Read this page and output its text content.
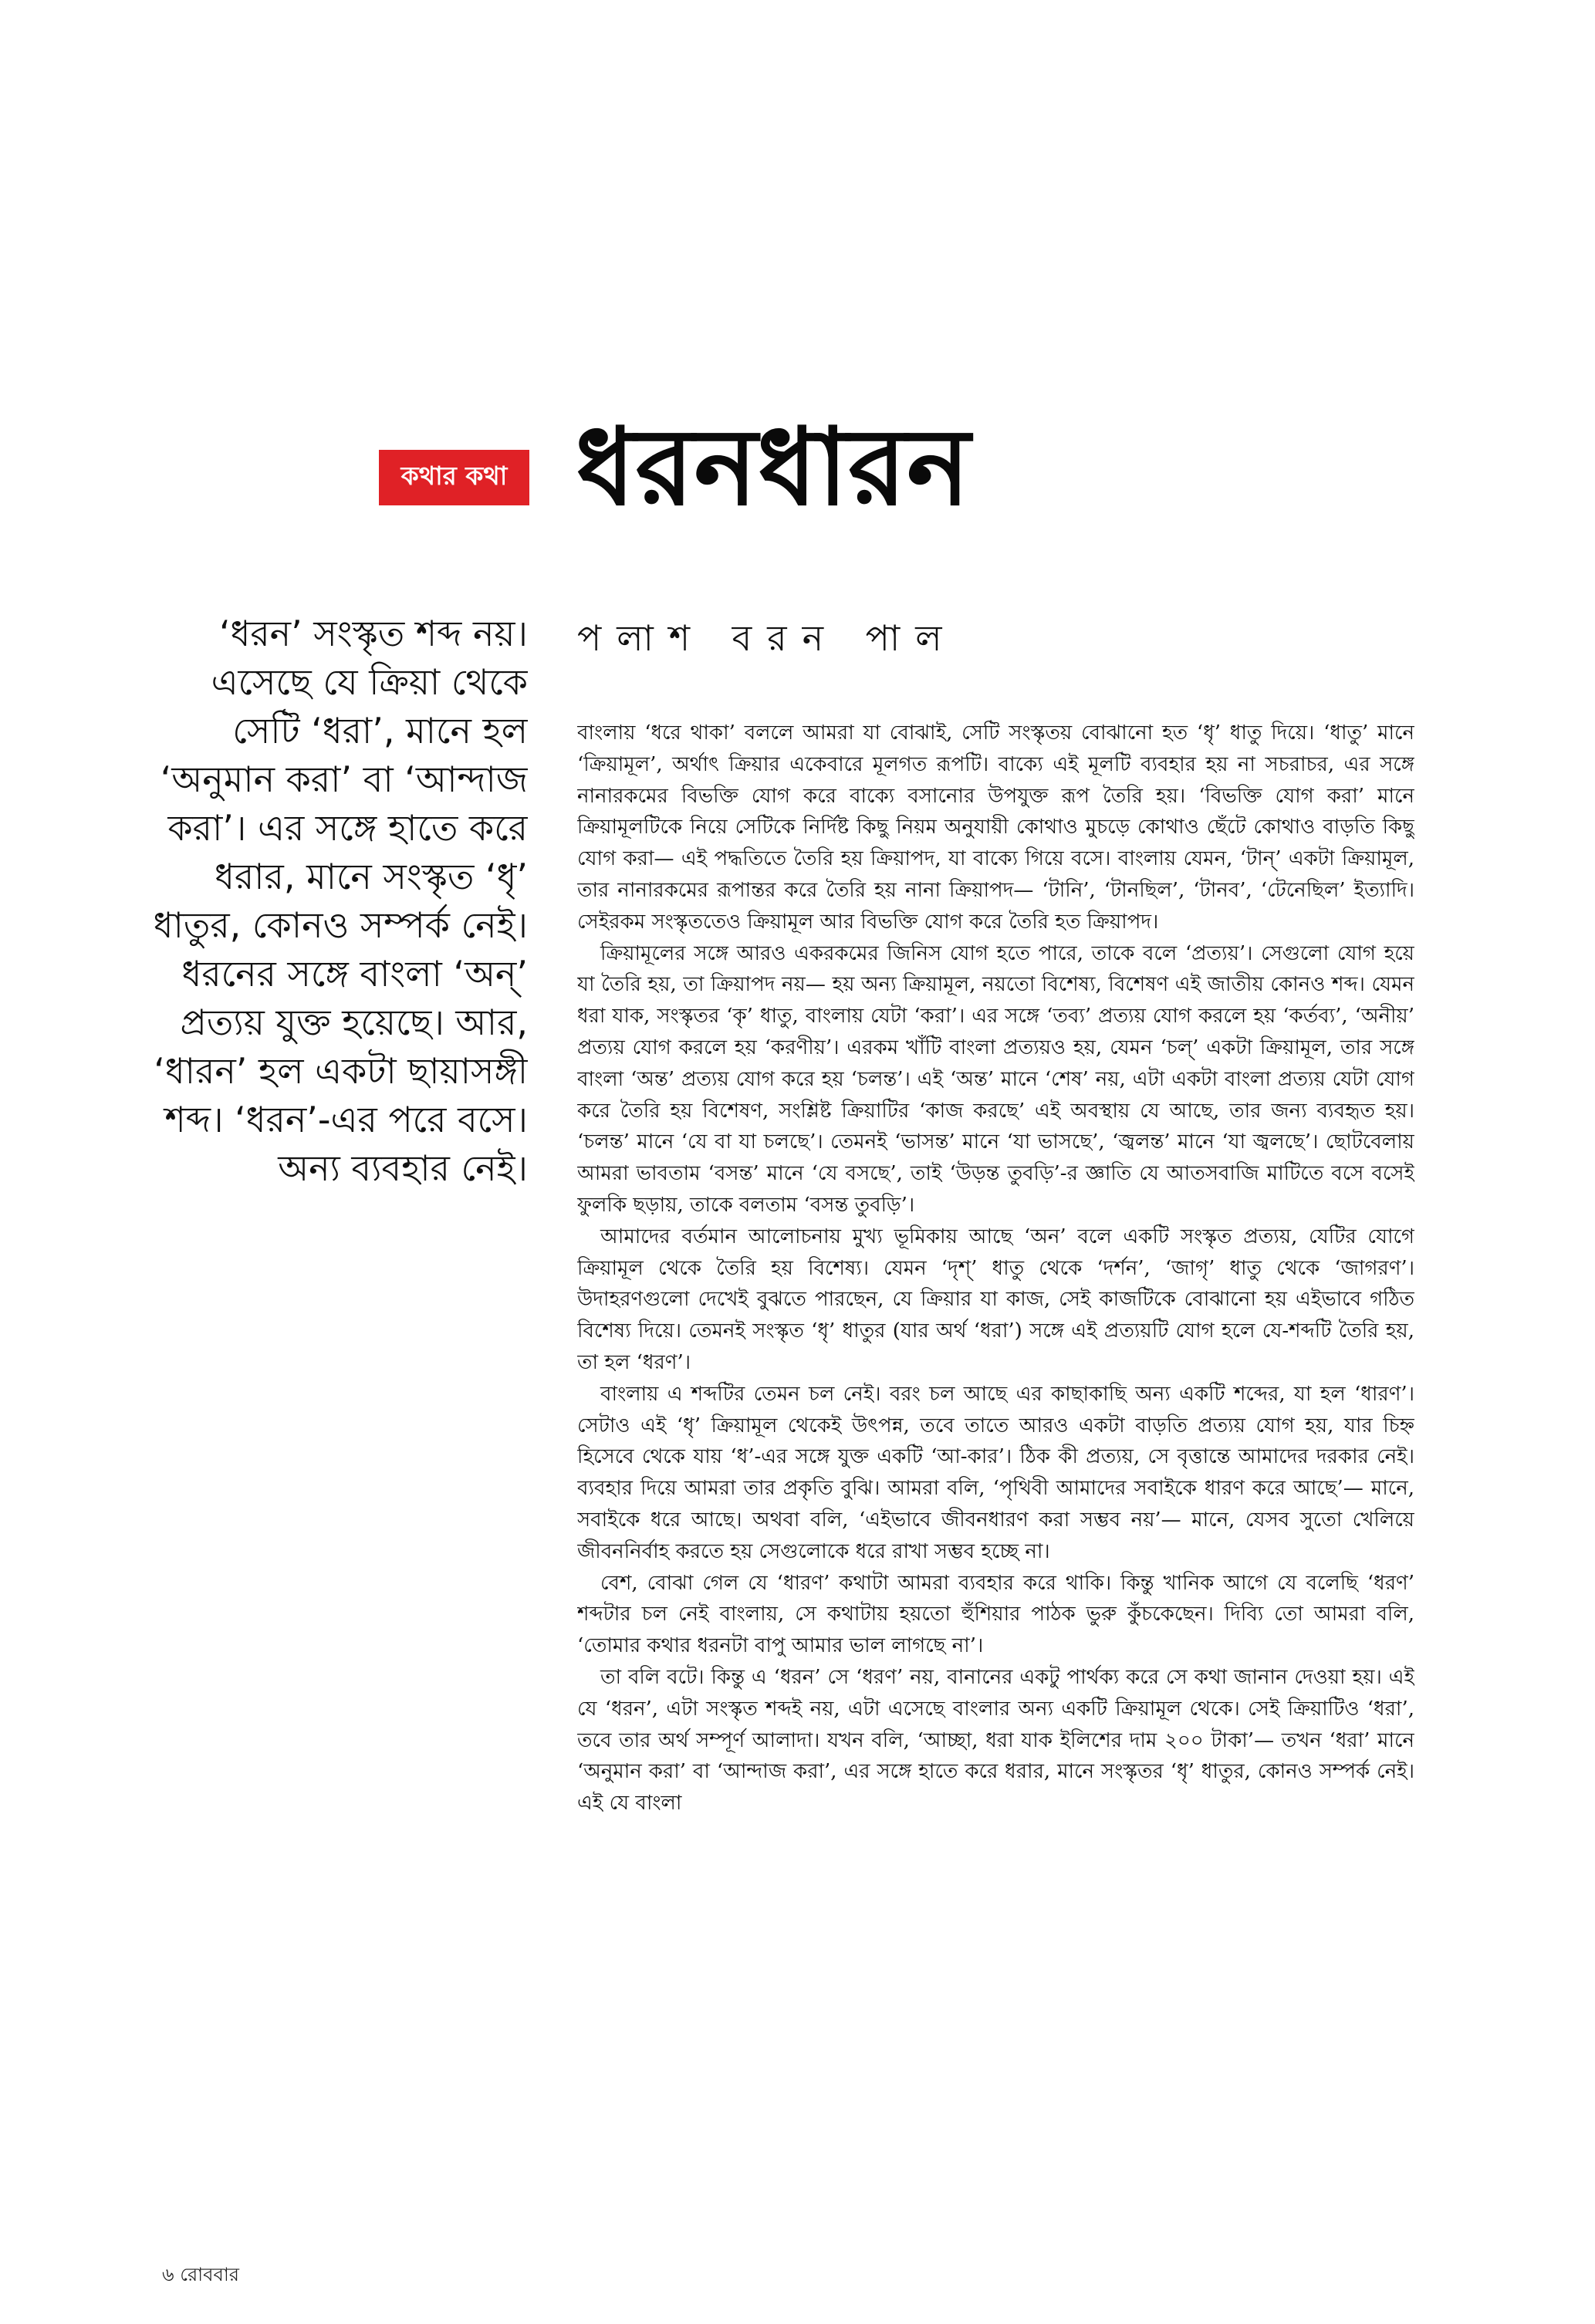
কথার কথা ধরনধারন

‘ধরন’ সংস্কৃত শব্দ নয়। এসেছে যে ক্রিয়া থেকে সেটি ‘ধরা’, মানে হল ‘অনুমান করা’ বা ‘আন্দাজ করা’। এর সঙ্গে হাতে করে ধরার, মানে সংস্কৃত ‘ধৃ’ ধাতুর, কোনও সম্পর্ক নেই। ধরনের সঙ্গে বাংলা ‘অন্’ প্রত্যয় যুক্ত হয়েছে। আর, ‘ধারন’ হল একটা ছায়াসঙ্গী শব্দ। ‘ধরন’-এর পরে বসে। অন্য ব্যবহার নেই।

পলাশ বরন পাল

বাংলায় ‘ধরে থাকা’ বললে আমরা যা বোঝাই, সেটি সংস্কৃতয় বোঝানো হত ‘ধৃ’ ধাতু দিয়ে। ‘ধাতু’ মানে ‘ক্রিয়ামূল’, অর্থাৎ ক্রিয়ার একেবারে মূলগত রূপটি। বাক্যে এই মূলটি ব্যবহার হয় না সচরাচর, এর সঙ্গে নানারকমের বিভক্তি যোগ করে বাক্যে বসানোর উপযুক্ত রূপ তৈরি হয়। ‘বিভক্তি যোগ করা’ মানে ক্রিয়ামূলটিকে নিয়ে সেটিকে নির্দিষ্ট কিছু নিয়ম অনুযায়ী কোথাও মুচড়ে কোথাও ছেঁটে কোথাও বাড়তি কিছু যোগ করা— এই পদ্ধতিতে তৈরি হয় ক্রিয়াপদ, যা বাক্যে গিয়ে বসে। বাংলায় যেমন, ‘টান্’ একটা ক্রিয়ামূল, তার নানারকমের রূপান্তর করে তৈরি হয় নানা ক্রিয়াপদ— ‘টানি’, ‘টানছিল’, ‘টানব’, ‘টেনেছিল’ ইত্যাদি। সেইরকম সংস্কৃততেও ক্রিয়ামূল আর বিভক্তি যোগ করে তৈরি হত ক্রিয়াপদ।

ক্রিয়ামূলের সঙ্গে আরও একরকমের জিনিস যোগ হতে পারে, তাকে বলে ‘প্রত্যয়’। সেগুলো যোগ হয়ে যা তৈরি হয়, তা ক্রিয়াপদ নয়— হয় অন্য ক্রিয়ামূল, নয়তো বিশেষ্য, বিশেষণ এই জাতীয় কোনও শব্দ। যেমন ধরা যাক, সংস্কৃতর ‘কৃ’ ধাতু, বাংলায় যেটা ‘করা’। এর সঙ্গে ‘তব্য’ প্রত্যয় যোগ করলে হয় ‘কর্তব্য’, ‘অনীয়’ প্রত্যয় যোগ করলে হয় ‘করণীয়’। এরকম খাঁটি বাংলা প্রত্যয়ও হয়, যেমন ‘চল্’ একটা ক্রিয়ামূল, তার সঙ্গে বাংলা ‘অন্ত’ প্রত্যয় যোগ করে হয় ‘চলন্ত’। এই ‘অন্ত’ মানে ‘শেষ’ নয়, এটা একটা বাংলা প্রত্যয় যেটা যোগ করে তৈরি হয় বিশেষণ, সংশ্লিষ্ট ক্রিয়াটির ‘কাজ করছে’ এই অবস্থায় যে আছে, তার জন্য ব্যবহৃত হয়। ‘চলন্ত’ মানে ‘যে বা যা চলছে’। তেমনই ‘ভাসন্ত’ মানে ‘যা ভাসছে’, ‘জ্বলন্ত’ মানে ‘যা জ্বলছে’। ছোটবেলায় আমরা ভাবতাম ‘বসন্ত’ মানে ‘যে বসছে’, তাই ‘উড়ন্ত তুবড়ি’-র জ্ঞাতি যে আতসবাজি মাটিতে বসে বসেই ফুলকি ছড়ায়, তাকে বলতাম ‘বসন্ত তুবড়ি’।

আমাদের বর্তমান আলোচনায় মুখ্য ভূমিকায় আছে ‘অন’ বলে একটি সংস্কৃত প্রত্যয়, যেটির যোগে ক্রিয়ামূল থেকে তৈরি হয় বিশেষ্য। যেমন ‘দৃশ্’ ধাতু থেকে ‘দর্শন’, ‘জাগৃ’ ধাতু থেকে ‘জাগরণ’। উদাহরণগুলো দেখেই বুঝতে পারছেন, যে ক্রিয়ার যা কাজ, সেই কাজটিকে বোঝানো হয় এইভাবে গঠিত বিশেষ্য দিয়ে। তেমনই সংস্কৃত ‘ধৃ’ ধাতুর (যার অর্থ ‘ধরা’) সঙ্গে এই প্রত্যয়টি যোগ হলে যে-শব্দটি তৈরি হয়, তা হল ‘ধরণ’।

বাংলায় এ শব্দটির তেমন চল নেই। বরং চল আছে এর কাছাকাছি অন্য একটি শব্দের, যা হল ‘ধারণ’। সেটাও এই ‘ধৃ’ ক্রিয়ামূল থেকেই উৎপন্ন, তবে তাতে আরও একটা বাড়তি প্রত্যয় যোগ হয়, যার চিহ্ন হিসেবে থেকে যায় ‘ধ’-এর সঙ্গে যুক্ত একটি ‘আ-কার’। ঠিক কী প্রত্যয়, সে বৃত্তান্তে আমাদের দরকার নেই। ব্যবহার দিয়ে আমরা তার প্রকৃতি বুঝি। আমরা বলি, ‘পৃথিবী আমাদের সবাইকে ধারণ করে আছে’— মানে, সবাইকে ধরে আছে। অথবা বলি, ‘এইভাবে জীবনধারণ করা সম্ভব নয়’— মানে, যেসব সুতো খেলিয়ে জীবননির্বাহ করতে হয় সেগুলোকে ধরে রাখা সম্ভব হচ্ছে না।

বেশ, বোঝা গেল যে ‘ধারণ’ কথাটা আমরা ব্যবহার করে থাকি। কিন্তু খানিক আগে যে বলেছি ‘ধরণ’ শব্দটার চল নেই বাংলায়, সে কথাটায় হয়তো হুঁশিয়ার পাঠক ভুরু কুঁচকেছেন। দিব্যি তো আমরা বলি, ‘তোমার কথার ধরনটা বাপু আমার ভাল লাগছে না’।

তা বলি বটে। কিন্তু এ ‘ধরন’ সে ‘ধরণ’ নয়, বানানের একটু পার্থক্য করে সে কথা জানান দেওয়া হয়। এই যে ‘ধরন’, এটা সংস্কৃত শব্দই নয়, এটা এসেছে বাংলার অন্য একটি ক্রিয়ামূল থেকে। সেই ক্রিয়াটিও ‘ধরা’, তবে তার অর্থ সম্পূর্ণ আলাদা। যখন বলি, ‘আচ্ছা, ধরা যাক ইলিশের দাম ২০০ টাকা’— তখন ‘ধরা’ মানে ‘অনুমান করা’ বা ‘আন্দাজ করা’, এর সঙ্গে হাতে করে ধরার, মানে সংস্কৃতর ‘ধৃ’ ধাতুর, কোনও সম্পর্ক নেই। এই যে বাংলা

৬ রোববার
